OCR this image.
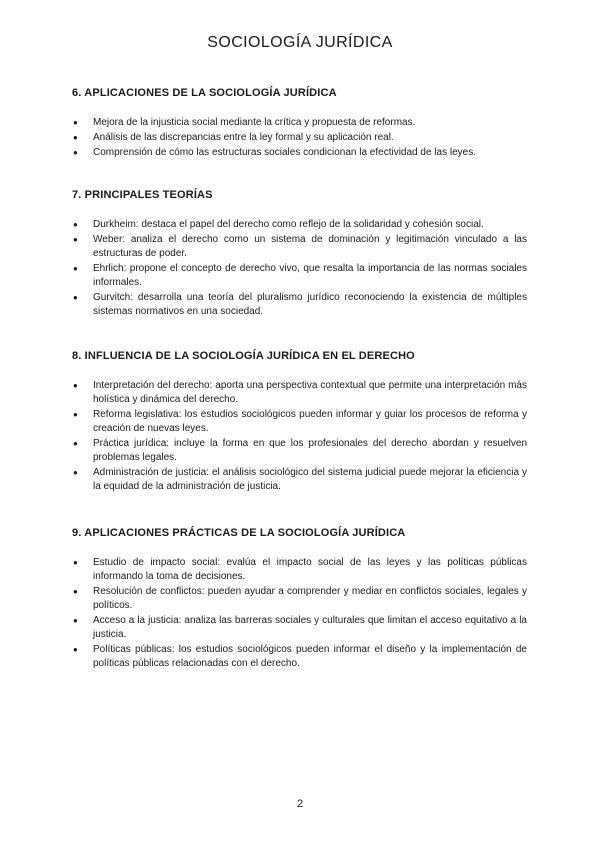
SOCIOLOGÍA JURÍDICA
6. APLICACIONES DE LA SOCIOLOGÍA JURÍDICA
● Mejora de la injusticia social mediante la crítica y propuesta de reformas.
● Análisis de las discrepancias entre la ley formal y su aplicación real.
● Comprensión de cómo las estructuras sociales condicionan la efectividad de las leyes.
7. PRINCIPALES TEORÍAS
● Durkheim: destaca el papel del derecho como reflejo de la solidaridad y cohesión social.
● Weber: analiza el derecho como un sistema de dominación y legitimación vinculado a las estructuras de poder.
● Ehrlich: propone el concepto de derecho vivo, que resalta la importancia de las normas sociales informales.
● Gurvitch: desarrolla una teoría del pluralismo jurídico reconociendo la existencia de múltiples sistemas normativos en una sociedad.
8. INFLUENCIA DE LA SOCIOLOGÍA JURÍDICA EN EL DERECHO
● Interpretación del derecho: aporta una perspectiva contextual que permite una interpretación más holística y dinámica del derecho.
● Reforma legislativa: los estudios sociológicos pueden informar y guiar los procesos de reforma y creación de nuevas leyes.
● Práctica jurídica: incluye la forma en que los profesionales del derecho abordan y resuelven problemas legales.
● Administración de justicia: el análisis sociológico del sistema judicial puede mejorar la eficiencia y la equidad de la administración de justicia.
9. APLICACIONES PRÁCTICAS DE LA SOCIOLOGÍA JURÍDICA
● Estudio de impacto social: evalúa el impacto social de las leyes y las políticas públicas informando la toma de decisiones.
● Resolución de conflictos: pueden ayudar a comprender y mediar en conflictos sociales, legales y políticos.
● Acceso a la justicia: analiza las barreras sociales y culturales que limitan el acceso equitativo a la justicia.
● Políticas públicas: los estudios sociológicos pueden informar el diseño y la implementación de políticas públicas relacionadas con el derecho.
2
